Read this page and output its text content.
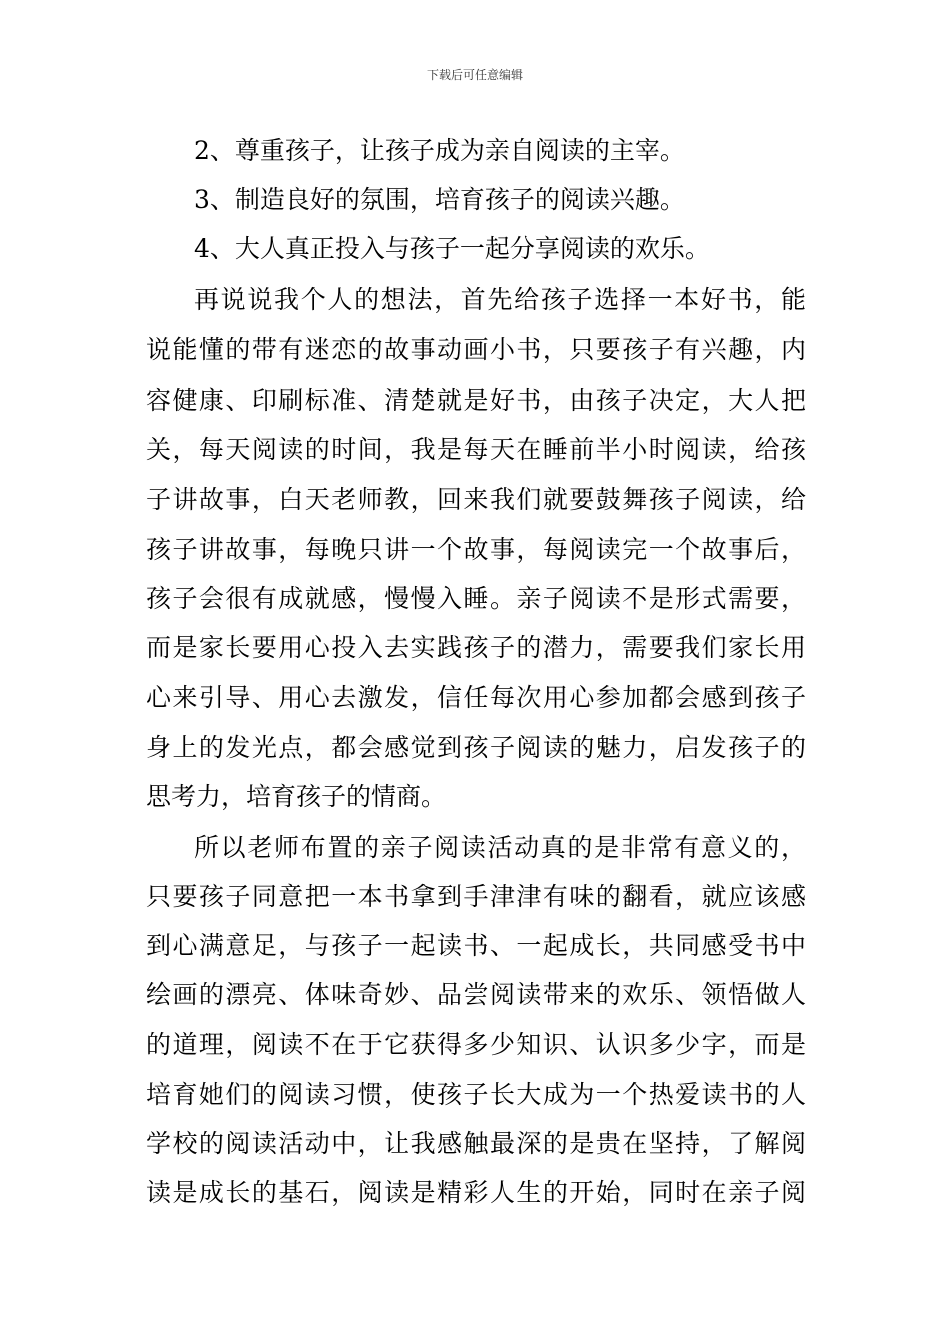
下载后可任意编辑
2、尊重孩子，让孩子成为亲自阅读的主宰。
3、制造良好的氛围，培育孩子的阅读兴趣。
4、大人真正投入与孩子一起分享阅读的欢乐。
再说说我个人的想法，首先给孩子选择一本好书，能
说能懂的带有迷恋的故事动画小书，只要孩子有兴趣，内
容健康、印刷标准、清楚就是好书，由孩子决定，大人把
关，每天阅读的时间，我是每天在睡前半小时阅读，给孩
子讲故事，白天老师教，回来我们就要鼓舞孩子阅读，给
孩子讲故事，每晚只讲一个故事，每阅读完一个故事后，
孩子会很有成就感，慢慢入睡。亲子阅读不是形式需要，
而是家长要用心投入去实践孩子的潜力，需要我们家长用
心来引导、用心去激发，信任每次用心参加都会感到孩子
身上的发光点，都会感觉到孩子阅读的魅力，启发孩子的
思考力，培育孩子的情商。
所以老师布置的亲子阅读活动真的是非常有意义的，
只要孩子同意把一本书拿到手津津有味的翻看，就应该感
到心满意足，与孩子一起读书、一起成长，共同感受书中
绘画的漂亮、体味奇妙、品尝阅读带来的欢乐、领悟做人
的道理，阅读不在于它获得多少知识、认识多少字，而是
培育她们的阅读习惯，使孩子长大成为一个热爱读书的人
学校的阅读活动中，让我感触最深的是贵在坚持，了解阅
读是成长的基石，阅读是精彩人生的开始，同时在亲子阅
